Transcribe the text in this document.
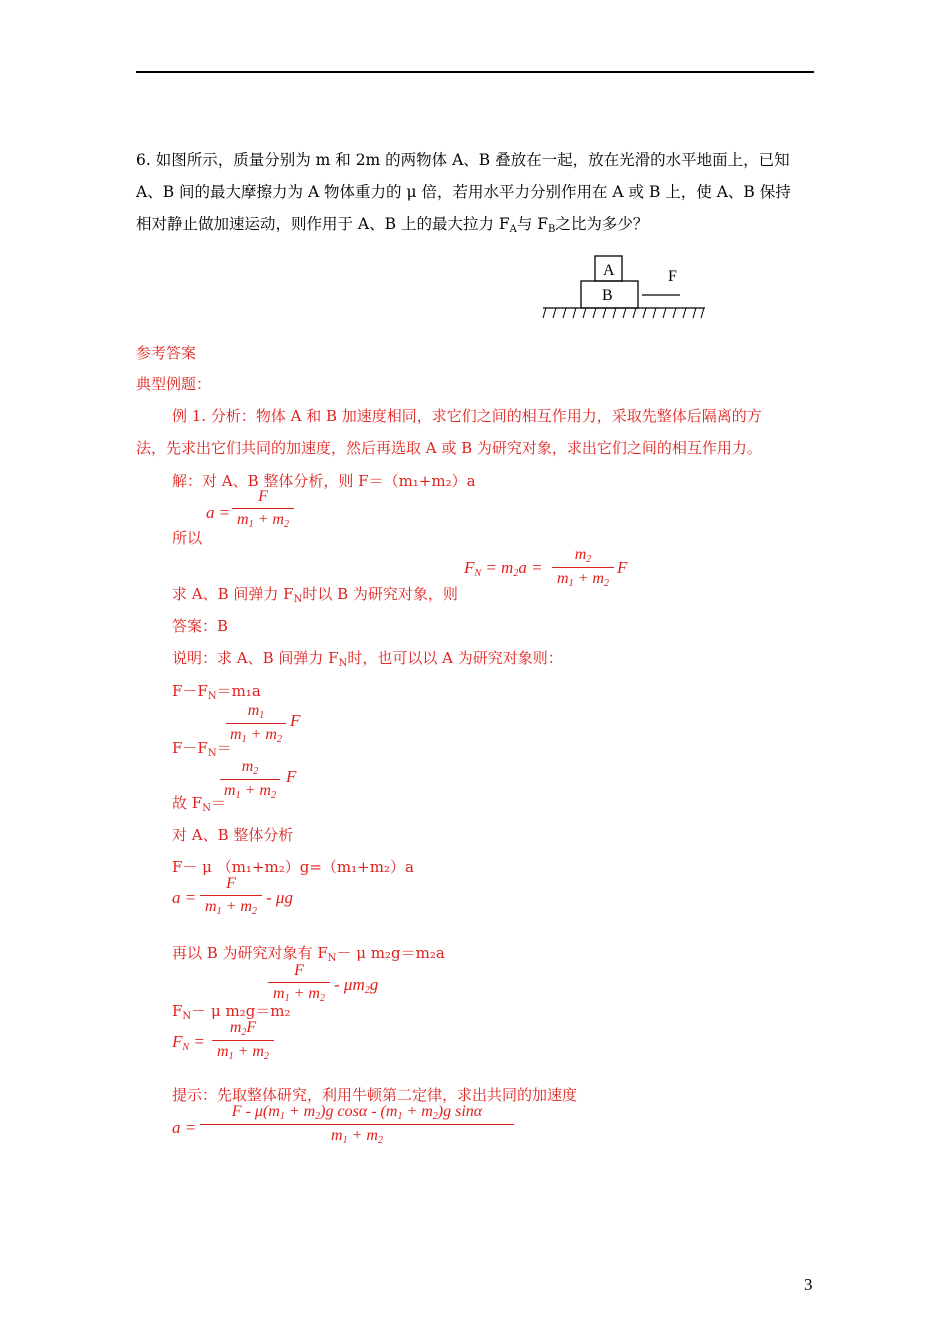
6. 如图所示，质量分别为 m 和 2m 的两物体 A、B 叠放在一起，放在光滑的水平地面上，已知
A、B 间的最大摩擦力为 A 物体重力的 μ 倍，若用水平力分别作用在 A 或 B 上，使 A、B 保持
相对静止做加速运动，则作用于 A、B 上的最大拉力 $F_A$与 $F_B$之比为多少？
A
B
F
参考答案
典型例题：
例 1. 分析：物体 A 和 B 加速度相同，求它们之间的相互作用力，采取先整体后隔离的方
法，先求出它们共同的加速度，然后再选取 A 或 B 为研究对象，求出它们之间的相互作用力。
解：对 A、B 整体分析，则 F＝（m₁+m₂）a
a =
F
$m_1 + m_2$
所以
$F_N = m_2a$ =
$m_2$
$m_1 + m_2$
F
求 A、B 间弹力 $F_N$时以 B 为研究对象，则
答案：B
说明：求 A、B 间弹力 $F_N$时，也可以以 A 为研究对象则：
$F-F_N=m_1a$
$m_1$
$m_1 + m_2$
F
$F-F_N=$
$m_2$
$m_1 + m_2$
F
故 $F_N=$
对 A、B 整体分析
F－ μ （m₁+m₂）g=（m₁+m₂）a
a =
F
$m_1 + m_2$
- μg
再以 B 为研究对象有 $F_N- \mu$ m₂g＝m₂a
F
$m_1 + m_2$
- $\mu m_2g$
$F_N- \mu$ m₂g＝m₂
$F_N$ =
$m_2F$
$m_1 + m_2$
提示：先取整体研究，利用牛顿第二定律，求出共同的加速度
a =
$F - \mu(m_1 + m_2)g$ $\cos\alpha - (m_1 + m_2)g$ sinα
$m_1 + m_2$
3
